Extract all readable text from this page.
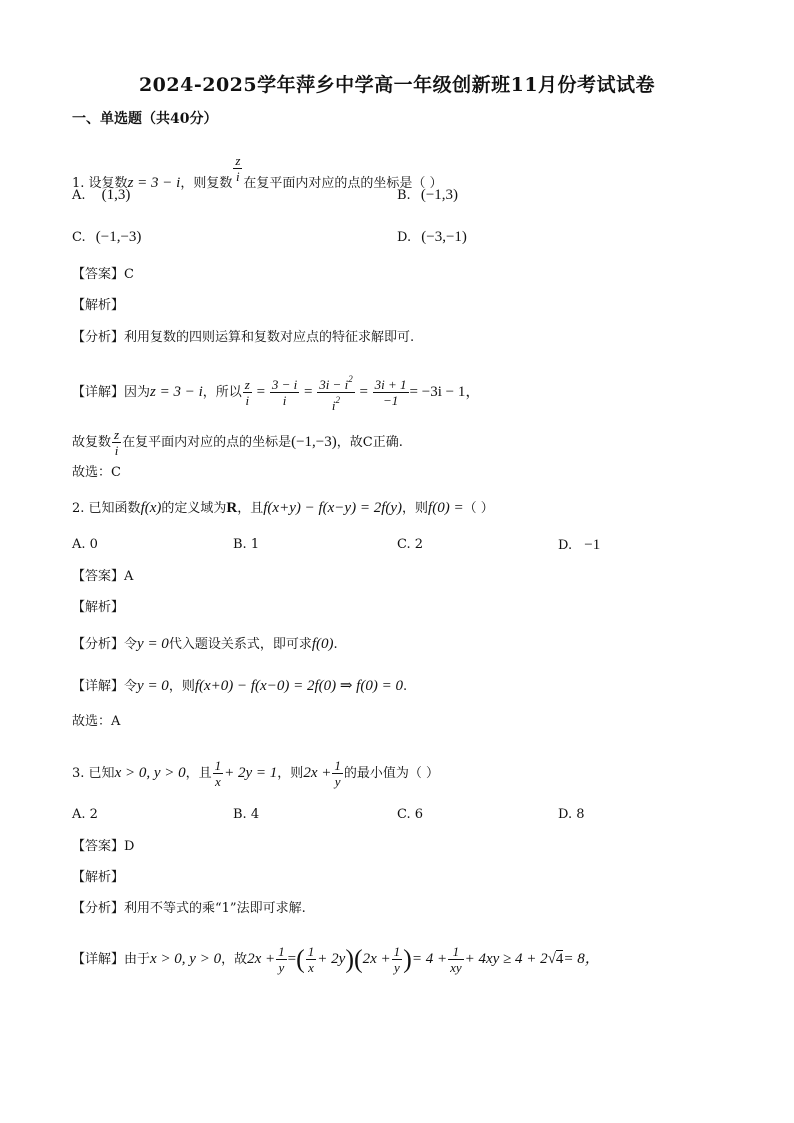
2024-2025学年萍乡中学高一年级创新班11月份考试试卷
一、单选题（共40分）
1. 设复数z = 3 − i，则复数 $\frac{z}{i}$ 在复平面内对应的点的坐标是（ ）
A. (1,3)	B. (−1,3)
C. (−1,−3)	D. (−3,−1)
【答案】C
【解析】
【分析】利用复数的四则运算和复数对应点的特征求解即可.
【详解】因为z = 3 − i，所以 $\frac{z}{i} = \frac{3 - i}{i} = \frac{3i - i^2}{i^2} = \frac{3i + 1}{-1} = -3i - 1$，
故复数 $\frac{z}{i}$ 在复平面内对应的点的坐标是(−1,−3)，故C正确.
故选：C
2. 已知函数f(x)的定义域为R，且f(x+y) − f(x−y) = 2f(y)，则f(0) =（ ）
A. 0	B. 1	C. 2	D. −1
【答案】A
【解析】
【分析】令y = 0代入题设关系式，即可求f(0).
【详解】令y = 0，则f(x+0) − f(x−0) = 2f(0) ⇒ f(0) = 0.
故选：A
3. 已知x > 0, y > 0，且 $\frac{1}{x} + 2y = 1$，则$2x + \frac{1}{y}$ 的最小值为（ ）
A. 2	B. 4	C. 6	D. 8
【答案】D
【解析】
【分析】利用不等式的乘“1”法即可求解.
【详解】由于x > 0, y > 0，故$2x + \frac{1}{y}$ =( $\frac{1}{x} + 2y)(2x + \frac{1}{y}$ )= $4 + \frac{1}{xy} + 4xy \ge 4 + 2√4= 8$，
